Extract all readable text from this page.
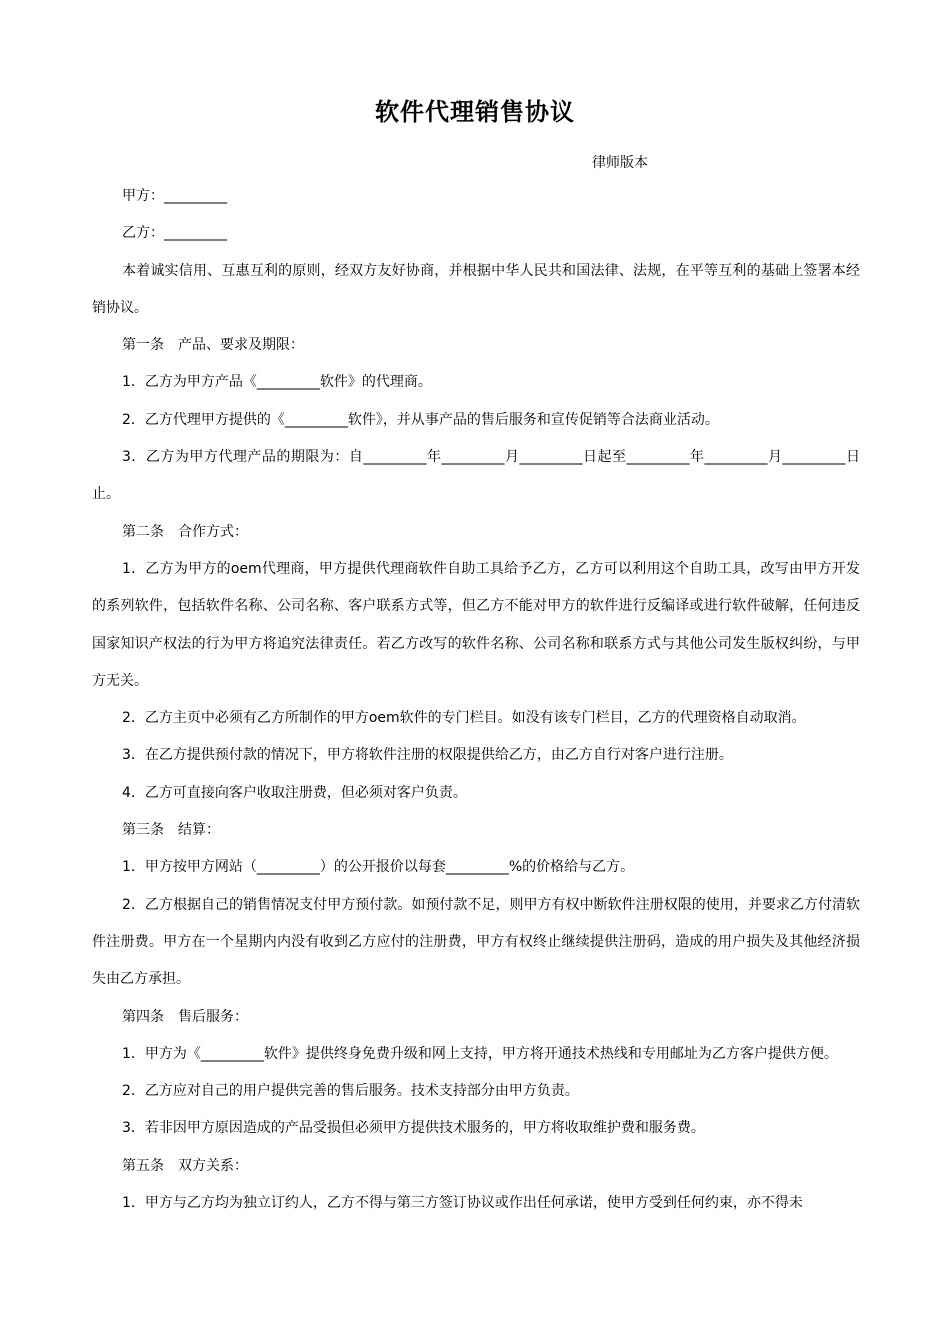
软件代理销售协议
律师版本

甲方：_________

乙方：_________

本着诚实信用、互惠互利的原则，经双方友好协商，并根据中华人民共和国法律、法规，在平等互利的基础上签署本经销协议。

第一条　产品、要求及期限：

1．乙方为甲方产品《_________软件》的代理商。

2．乙方代理甲方提供的《_________软件》，并从事产品的售后服务和宣传促销等合法商业活动。

3．乙方为甲方代理产品的期限为：自_________年_________月_________日起至_________年_________月_________日止。

第二条　合作方式：

1．乙方为甲方的oem代理商，甲方提供代理商软件自助工具给予乙方，乙方可以利用这个自助工具，改写由甲方开发的系列软件，包括软件名称、公司名称、客户联系方式等，但乙方不能对甲方的软件进行反编译或进行软件破解，任何违反国家知识产权法的行为甲方将追究法律责任。若乙方改写的软件名称、公司名称和联系方式与其他公司发生版权纠纷，与甲方无关。

2．乙方主页中必须有乙方所制作的甲方oem软件的专门栏目。如没有该专门栏目，乙方的代理资格自动取消。

3．在乙方提供预付款的情况下，甲方将软件注册的权限提供给乙方，由乙方自行对客户进行注册。

4．乙方可直接向客户收取注册费，但必须对客户负责。

第三条　结算：

1．甲方按甲方网站（_________）的公开报价以每套_________%的价格给与乙方。

2．乙方根据自己的销售情况支付甲方预付款。如预付款不足，则甲方有权中断软件注册权限的使用，并要求乙方付清软件注册费。甲方在一个星期内内没有收到乙方应付的注册费，甲方有权终止继续提供注册码，造成的用户损失及其他经济损失由乙方承担。

第四条　售后服务：

1．甲方为《_________软件》提供终身免费升级和网上支持，甲方将开通技术热线和专用邮址为乙方客户提供方便。

2．乙方应对自己的用户提供完善的售后服务。技术支持部分由甲方负责。

3．若非因甲方原因造成的产品受损但必须甲方提供技术服务的，甲方将收取维护费和服务费。

第五条　双方关系：

1．甲方与乙方均为独立订约人，乙方不得与第三方签订协议或作出任何承诺，使甲方受到任何约束，亦不得未
